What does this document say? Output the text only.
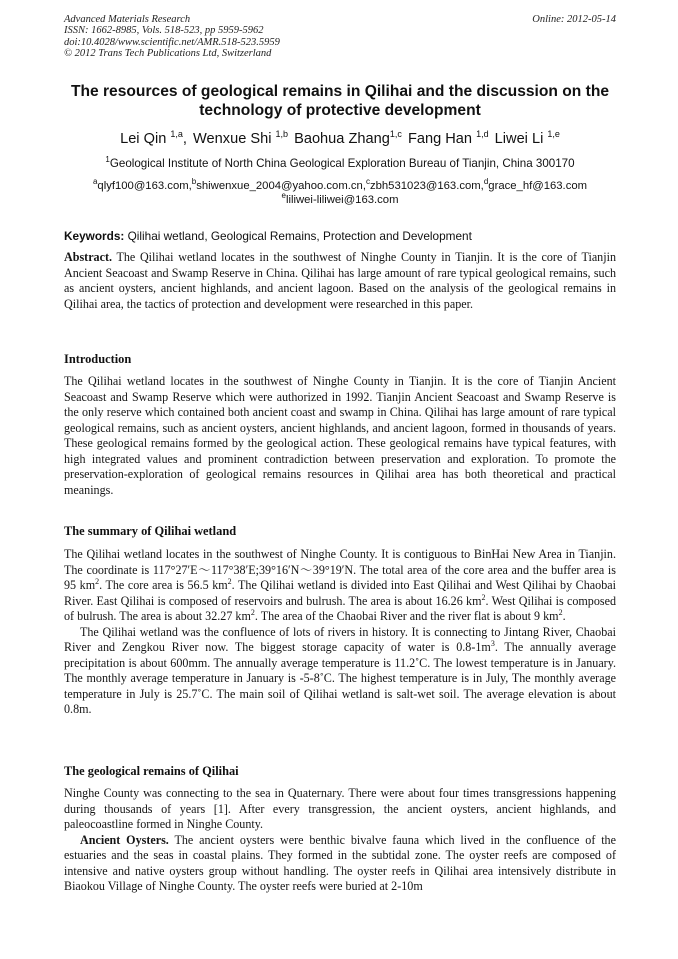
Advanced Materials Research
ISSN: 1662-8985, Vols. 518-523, pp 5959-5962
doi:10.4028/www.scientific.net/AMR.518-523.5959
© 2012 Trans Tech Publications Ltd, Switzerland
Online: 2012-05-14
The resources of geological remains in Qilihai and the discussion on the technology of protective development
Lei Qin $^{1,a}$, Wenxue Shi $^{1,b}$ Baohua Zhang$^{1,c}$ Fang Han $^{1,d}$ Liwei Li $^{1,e}$
$^1$Geological Institute of North China Geological Exploration Bureau of Tianjin, China 300170
$^a$qlyf100@163.com,$^b$shiwenxue_2004@yahoo.com.cn,$^c$zbh531023@163.com,$^d$grace_hf@163.com
$^e$liliwei-liliwei@163.com
Keywords: Qilihai wetland, Geological Remains, Protection and Development

Abstract. The Qilihai wetland locates in the southwest of Ninghe County in Tianjin. It is the core of Tianjin Ancient Seacoast and Swamp Reserve in China. Qilihai has large amount of rare typical geological remains, such as ancient oysters, ancient highlands, and ancient lagoon. Based on the analysis of the geological remains in Qilihai area, the tactics of protection and development were researched in this paper.

Introduction

The Qilihai wetland locates in the southwest of Ninghe County in Tianjin. It is the core of Tianjin Ancient Seacoast and Swamp Reserve which were authorized in 1992. Tianjin Ancient Seacoast and Swamp Reserve is the only reserve which contained both ancient coast and swamp in China. Qilihai has large amount of rare typical geological remains, such as ancient oysters, ancient highlands, and ancient lagoon, formed in thousands of years. These geological remains formed by the geological action. These geological remains have typical features, with high integrated values and prominent contradiction between preservation and exploration. To promote the preservation-exploration of geological remains resources in Qilihai area has both theoretical and practical meanings.

The summary of Qilihai wetland

The Qilihai wetland locates in the southwest of Ninghe County. It is contiguous to BinHai New Area in Tianjin. The coordinate is 117°27′E～117°38′E;39°16′N～39°19′N. The total area of the core area and the buffer area is 95 $km^2$. The core area is 56.5 $km^2$. The Qilihai wetland is divided into East Qilihai and West Qilihai by Chaobai River. East Qilihai is composed of reservoirs and bulrush. The area is about 16.26 $km^2$. West Qilihai is composed of bulrush. The area is about 32.27 $km^2$. The area of the Chaobai River and the river flat is about 9 $km^2$.

The Qilihai wetland was the confluence of lots of rivers in history. It is connecting to Jintang River, Chaobai River and Zengkou River now. The biggest storage capacity of water is $0.8-1m^3$. The annually average precipitation is about 600mm. The annually average temperature is 11.2˚C. The lowest temperature is in January. The monthly average temperature in January is -5-8˚C. The highest temperature is in July, The monthly average temperature in July is 25.7˚C. The main soil of Qilihai wetland is salt-wet soil. The average elevation is about 0.8m.

The geological remains of Qilihai

Ninghe County was connecting to the sea in Quaternary. There were about four times transgressions happening during thousands of years [1]. After every transgression, the ancient oysters, ancient highlands, and paleocoastline formed in Ninghe County.

Ancient Oysters. The ancient oysters were benthic bivalve fauna which lived in the confluence of the estuaries and the seas in coastal plains. They formed in the subtidal zone. The oyster reefs are composed of intensive and native oysters group without handling. The oyster reefs in Qilihai area intensively distribute in Biaokou Village of Ninghe County. The oyster reefs were buried at 2-10m
